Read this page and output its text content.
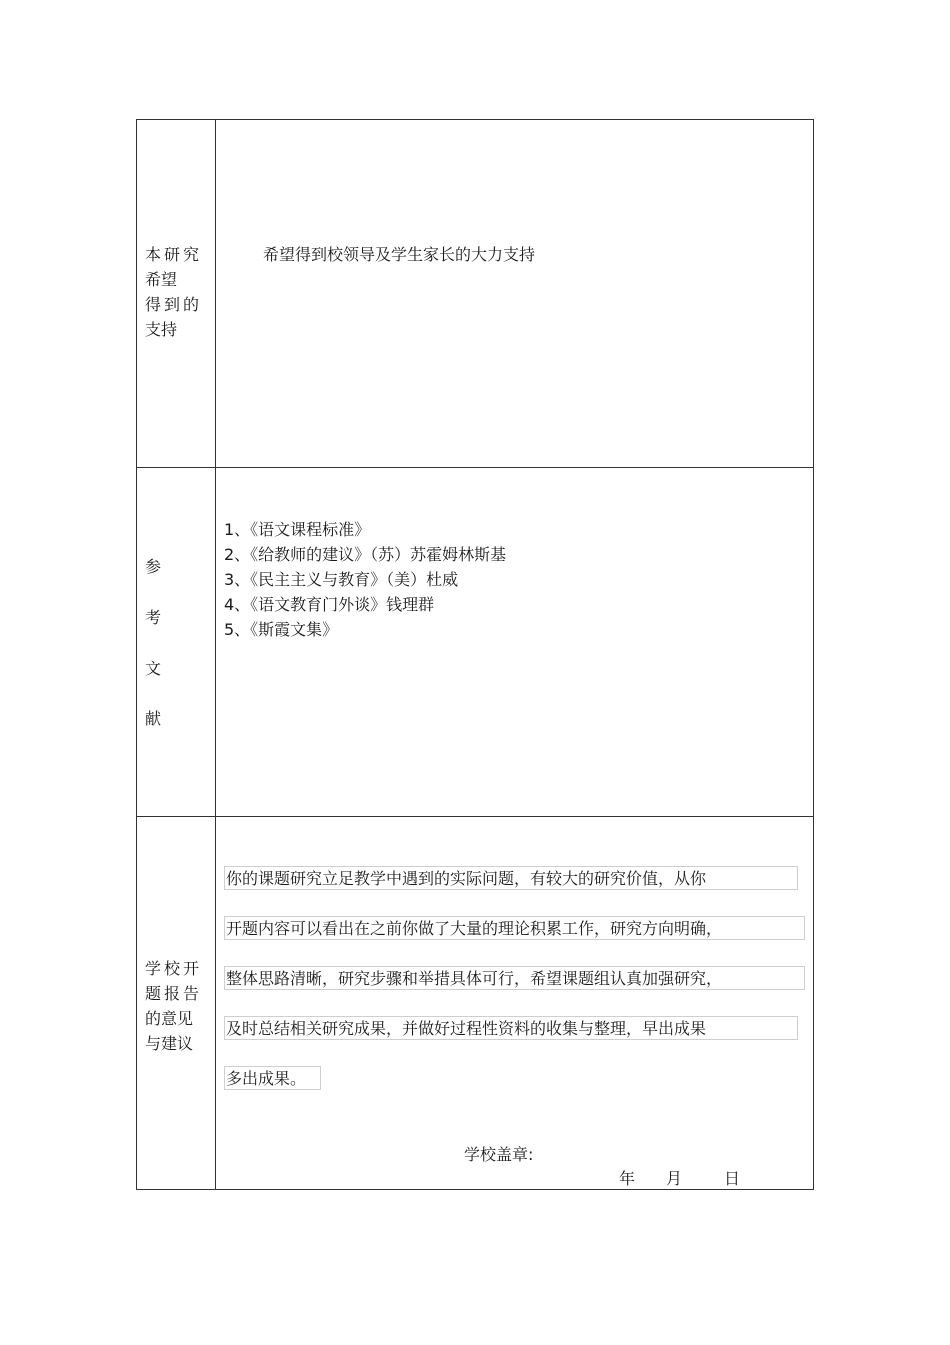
本研究
希望
得到的
支持
希望得到校领导及学生家长的大力支持
参
考
文
献
1、《语文课程标准》
2、《给教师的建议》（苏）苏霍姆林斯基
3、《民主主义与教育》（美）杜威
4、《语文教育门外谈》钱理群
5、《斯霞文集》
学校开
题报告
的意见
与建议
你的课题研究立足教学中遇到的实际问题，有较大的研究价值，从你
开题内容可以看出在之前你做了大量的理论积累工作，研究方向明确，
整体思路清晰，研究步骤和举措具体可行，希望课题组认真加强研究，
及时总结相关研究成果，并做好过程性资料的收集与整理，早出成果
多出成果。
学校盖章:
年 月	日
